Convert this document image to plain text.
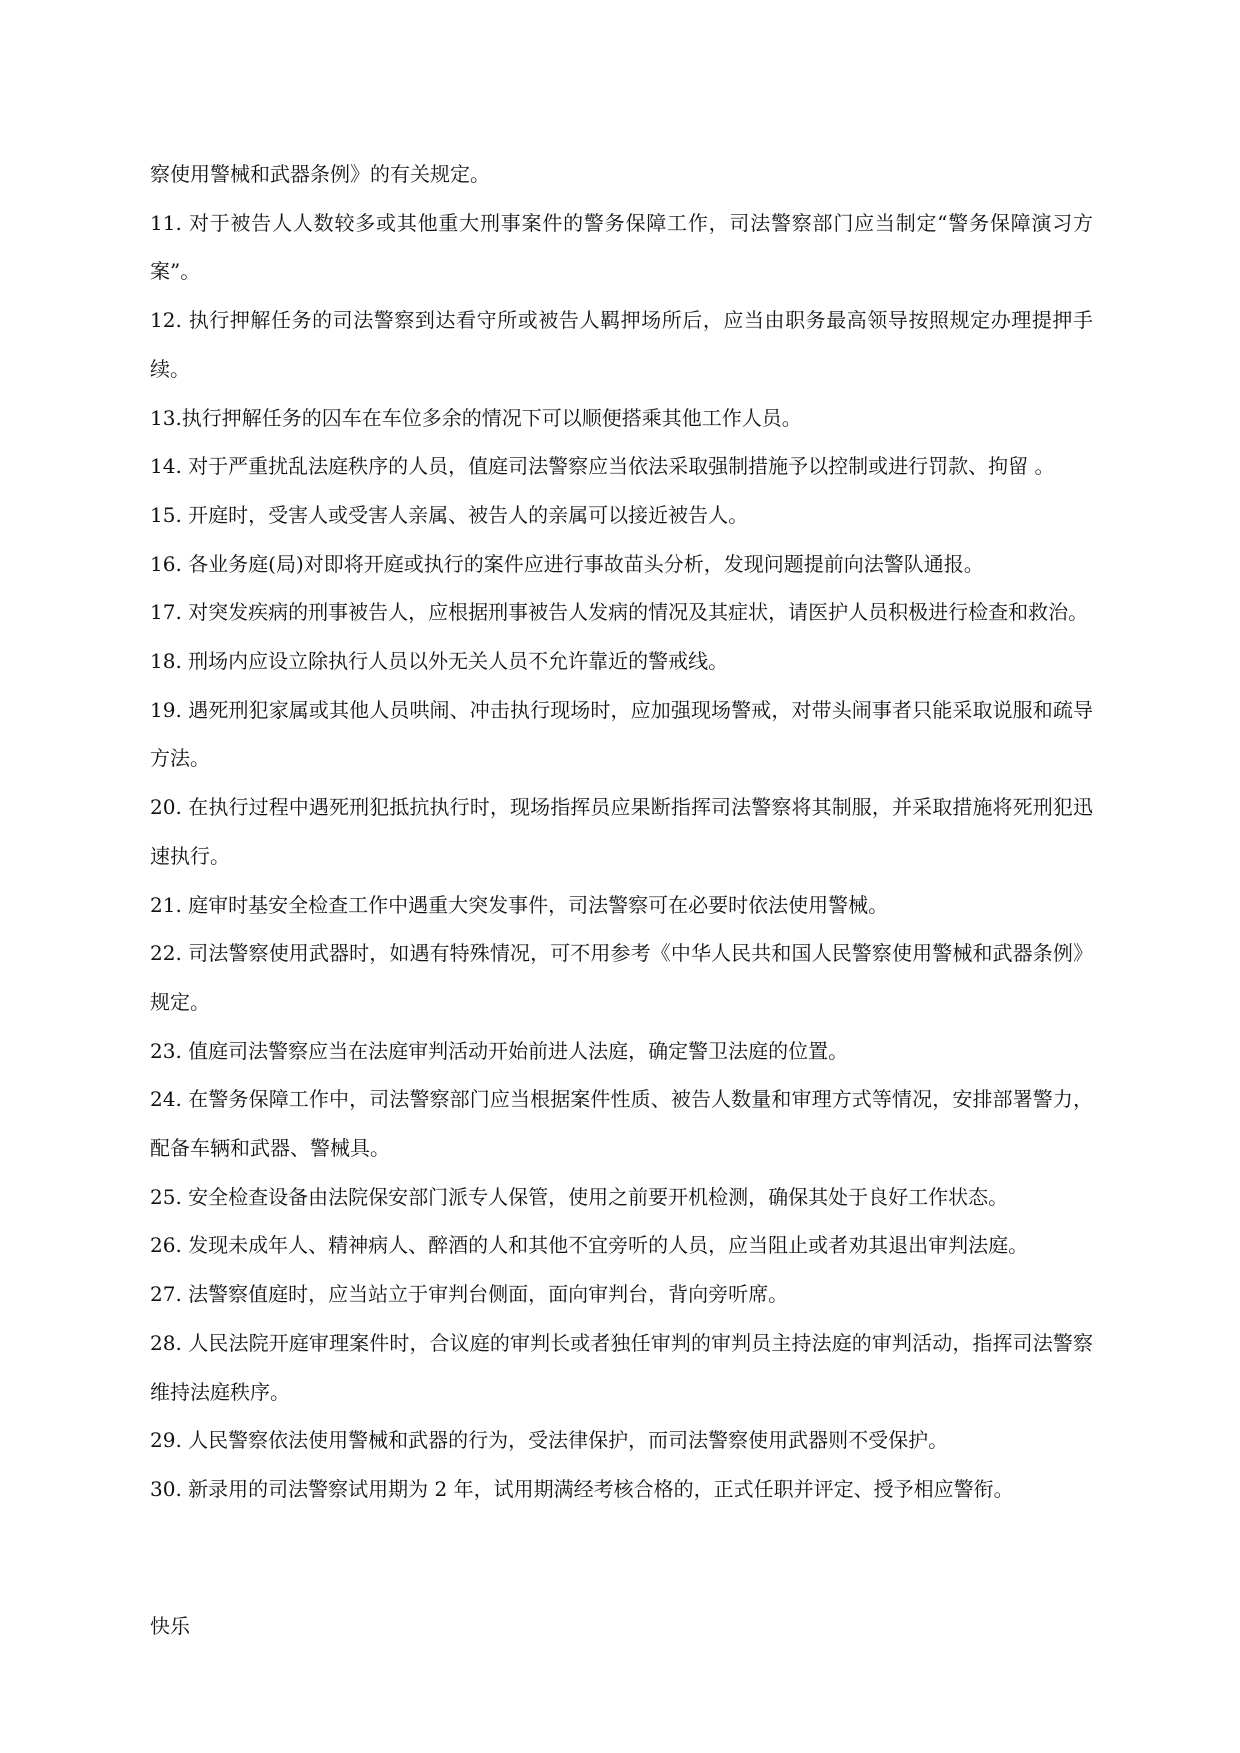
察使用警械和武器条例》的有关规定。

11. 对于被告人人数较多或其他重大刑事案件的警务保障工作，司法警察部门应当制定“警务保障演习方案”。

12. 执行押解任务的司法警察到达看守所或被告人羁押场所后，应当由职务最高领导按照规定办理提押手续。

13.执行押解任务的囚车在车位多余的情况下可以顺便搭乘其他工作人员。

14. 对于严重扰乱法庭秩序的人员，值庭司法警察应当依法采取强制措施予以控制或进行罚款、拘留 。

15. 开庭时，受害人或受害人亲属、被告人的亲属可以接近被告人。

16. 各业务庭(局)对即将开庭或执行的案件应进行事故苗头分析，发现问题提前向法警队通报。

17. 对突发疾病的刑事被告人，应根据刑事被告人发病的情况及其症状，请医护人员积极进行检查和救治。

18. 刑场内应设立除执行人员以外无关人员不允许靠近的警戒线。

19. 遇死刑犯家属或其他人员哄闹、冲击执行现场时，应加强现场警戒，对带头闹事者只能采取说服和疏导方法。

20. 在执行过程中遇死刑犯抵抗执行时，现场指挥员应果断指挥司法警察将其制服，并采取措施将死刑犯迅速执行。

21. 庭审时基安全检查工作中遇重大突发事件，司法警察可在必要时依法使用警械。

22. 司法警察使用武器时，如遇有特殊情况，可不用参考《中华人民共和国人民警察使用警械和武器条例》规定。

23. 值庭司法警察应当在法庭审判活动开始前进人法庭，确定警卫法庭的位置。

24. 在警务保障工作中，司法警察部门应当根据案件性质、被告人数量和审理方式等情况，安排部署警力，配备车辆和武器、警械具。

25. 安全检查设备由法院保安部门派专人保管，使用之前要开机检测，确保其处于良好工作状态。

26. 发现未成年人、精神病人、醉酒的人和其他不宜旁听的人员，应当阻止或者劝其退出审判法庭。

27. 法警察值庭时，应当站立于审判台侧面，面向审判台，背向旁听席。

28. 人民法院开庭审理案件时，合议庭的审判长或者独任审判的审判员主持法庭的审判活动，指挥司法警察维持法庭秩序。

29. 人民警察依法使用警械和武器的行为，受法律保护，而司法警察使用武器则不受保护。

30. 新录用的司法警察试用期为 2 年，试用期满经考核合格的，正式任职并评定、授予相应警衔。

快乐
